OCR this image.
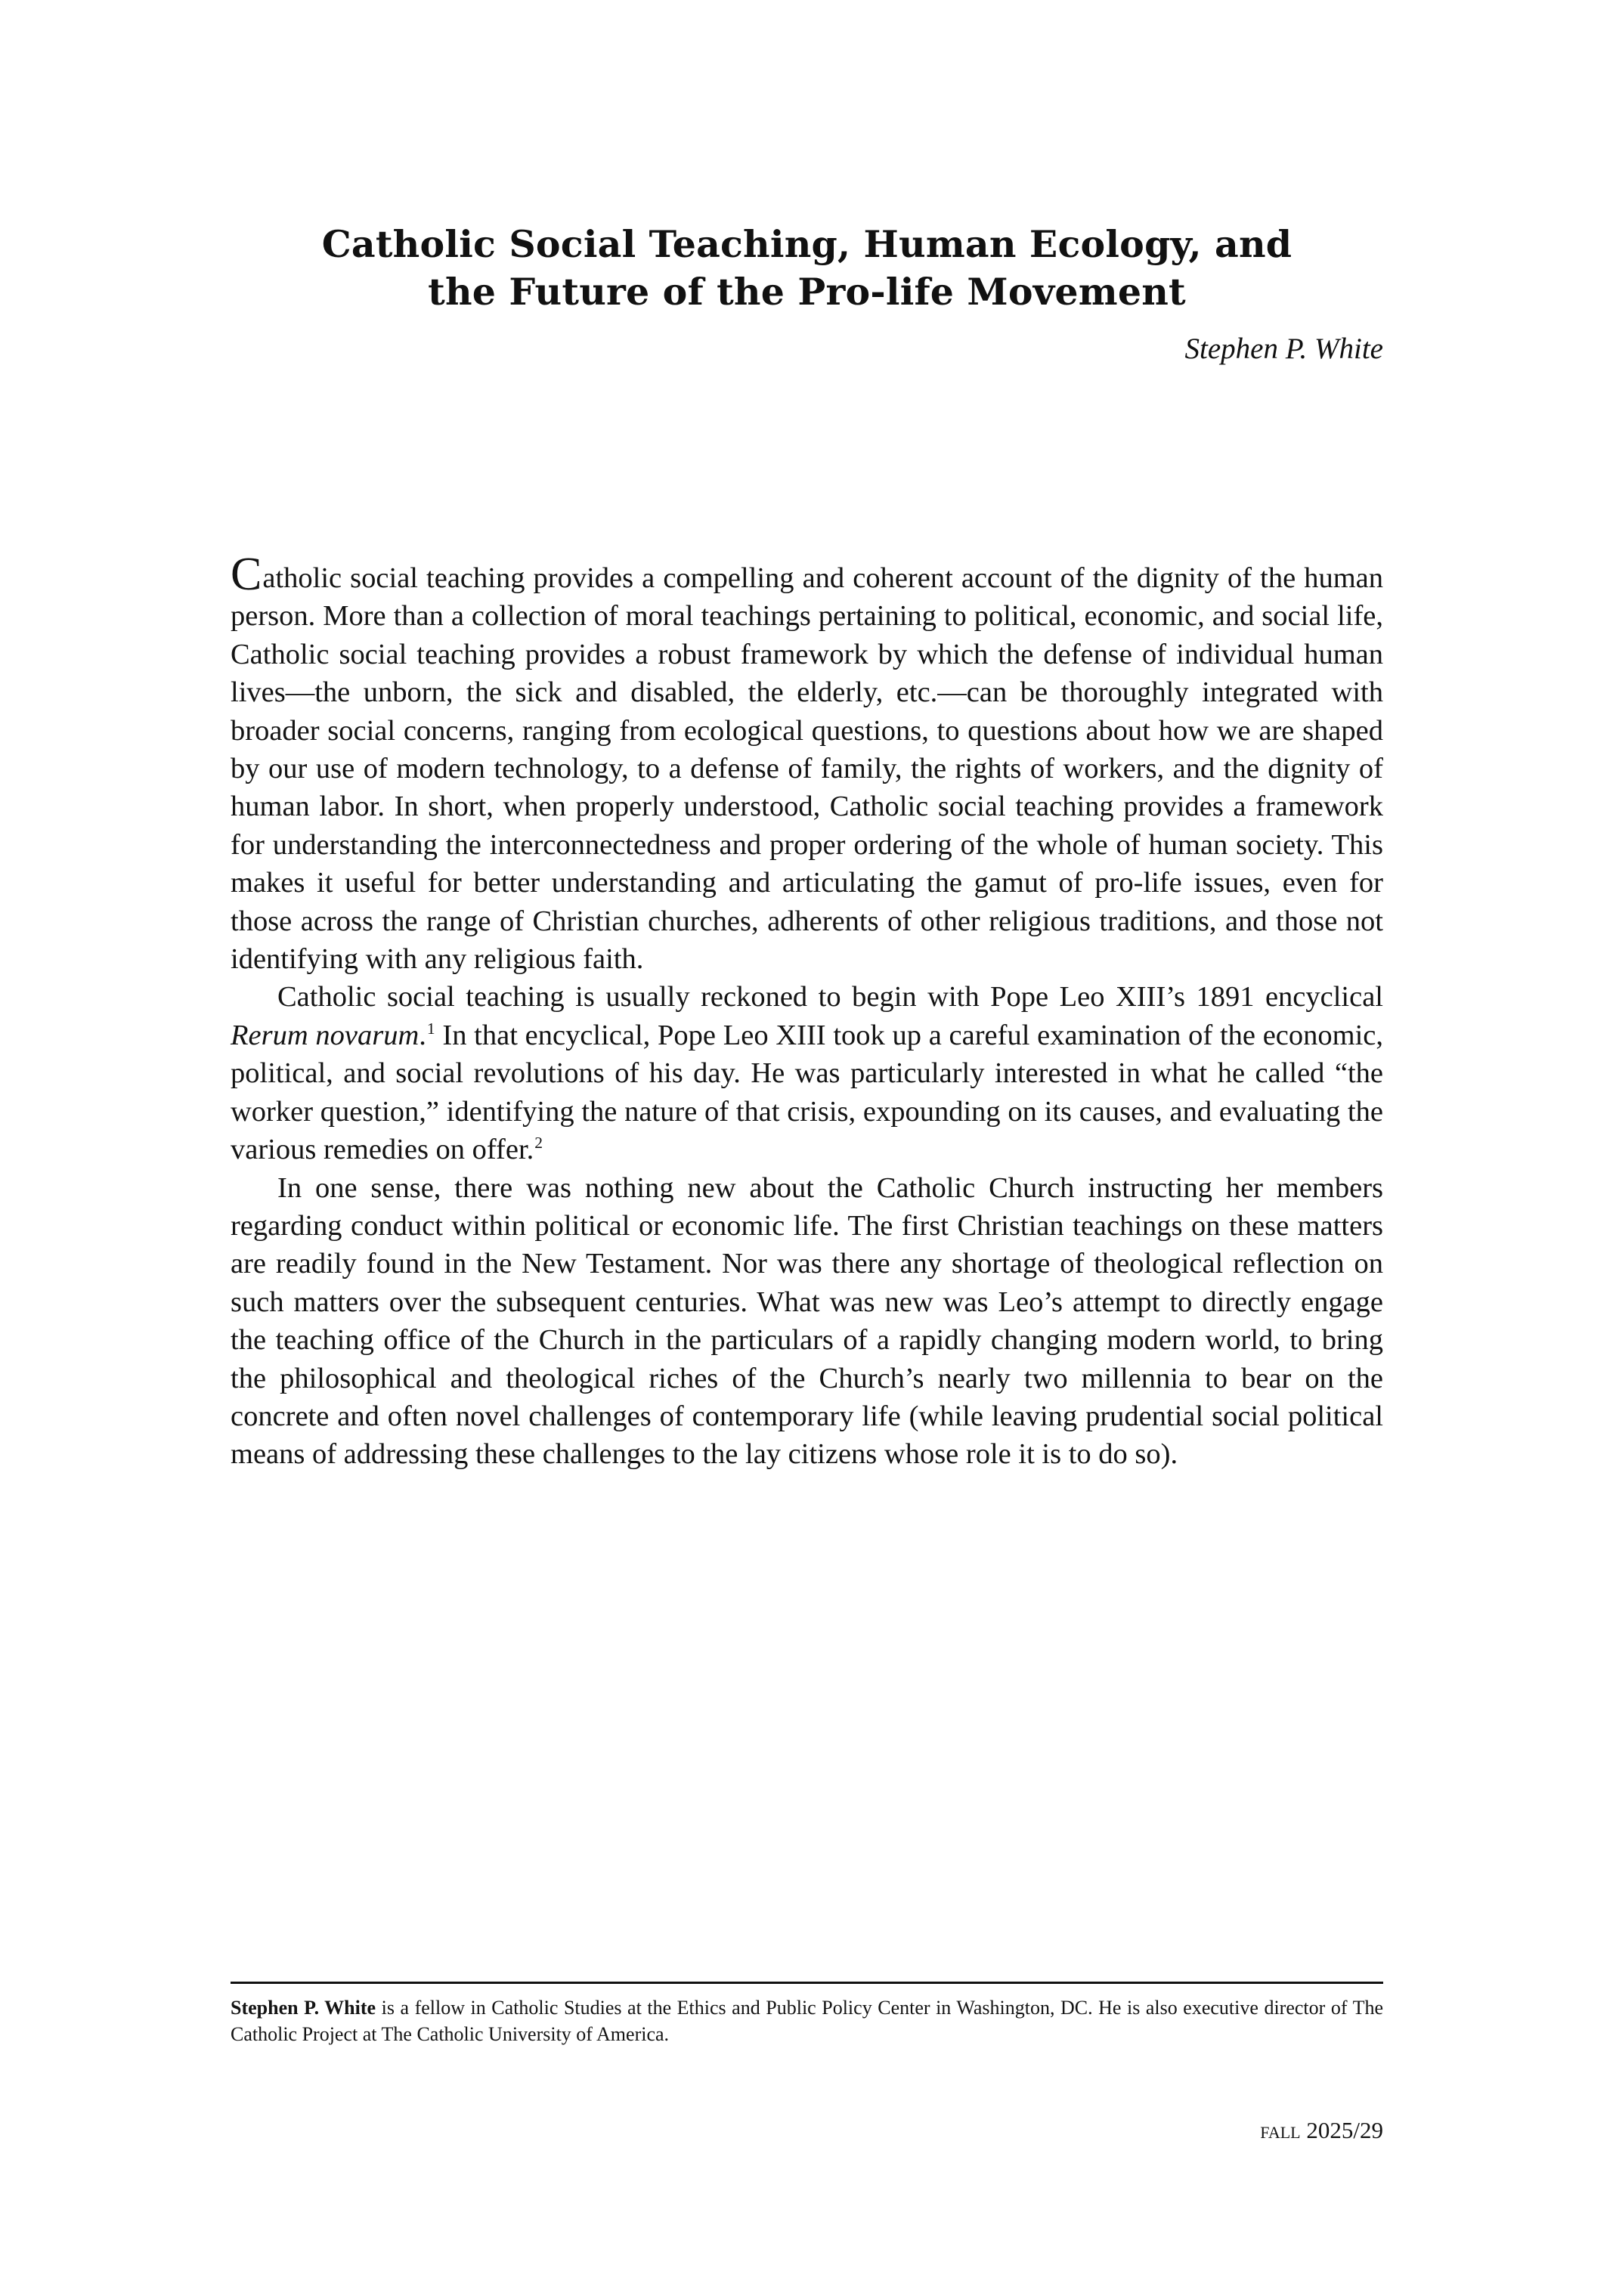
Catholic Social Teaching, Human Ecology, and
the Future of the Pro-life Movement

Stephen P. White

Catholic social teaching provides a compelling and coherent account of the dignity of the human person. More than a collection of moral teachings pertaining to political, economic, and social life, Catholic social teaching provides a robust framework by which the defense of individual human lives—the unborn, the sick and disabled, the elderly, etc.—can be thoroughly integrated with broader social concerns, ranging from ecological questions, to questions about how we are shaped by our use of modern technology, to a defense of family, the rights of workers, and the dignity of human labor. In short, when properly understood, Catholic social teaching provides a framework for understanding the interconnectedness and proper ordering of the whole of human society. This makes it useful for better understanding and articulating the gamut of pro-life issues, even for those across the range of Christian churches, adherents of other religious traditions, and those not identifying with any religious faith.

Catholic social teaching is usually reckoned to begin with Pope Leo XIII’s 1891 encyclical Rerum novarum.$^1$ In that encyclical, Pope Leo XIII took up a careful examination of the economic, political, and social revolutions of his day. He was particularly interested in what he called “the worker question,” identifying the nature of that crisis, expounding on its causes, and evaluating the various remedies on offer.$^2$

In one sense, there was nothing new about the Catholic Church instructing her members regarding conduct within political or economic life. The first Christian teachings on these matters are readily found in the New Testament. Nor was there any shortage of theological reflection on such matters over the subsequent centuries. What was new was Leo’s attempt to directly engage the teaching office of the Church in the particulars of a rapidly changing modern world, to bring the philosophical and theological riches of the Church’s nearly two millennia to bear on the concrete and often novel challenges of contemporary life (while leaving prudential social political means of addressing these challenges to the lay citizens whose role it is to do so).

Stephen P. White is a fellow in Catholic Studies at the Ethics and Public Policy Center in Washington, DC. He is also executive director of The Catholic Project at The Catholic University of America.

fall 2025/29
